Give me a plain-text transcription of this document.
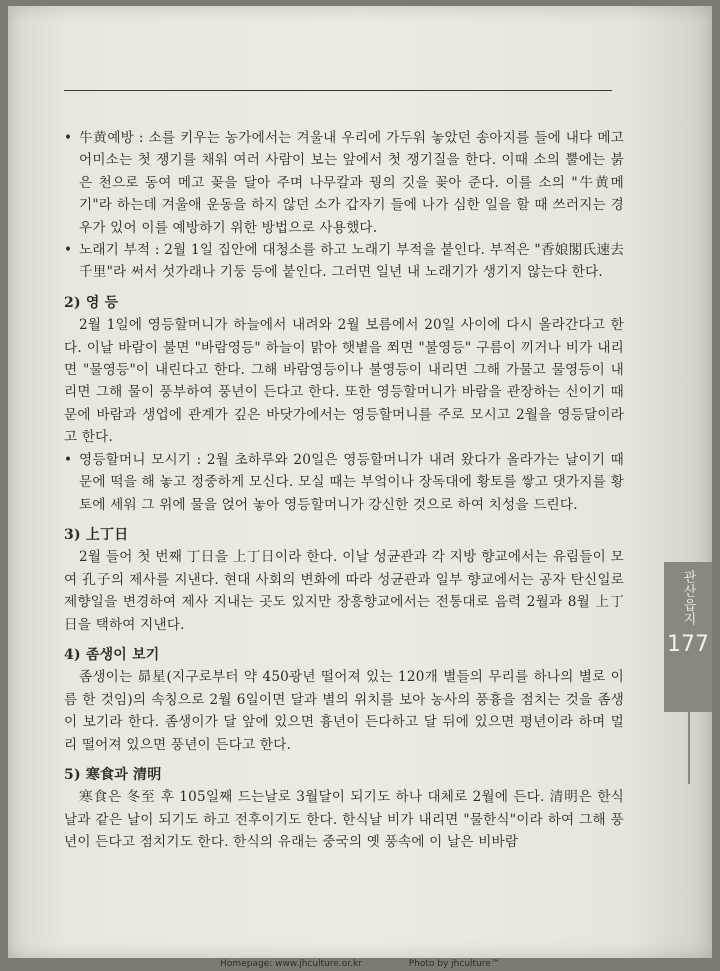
• 牛黄예방 : 소를 키우는 농가에서는 겨울내 우리에 가두워 놓았던 송아지를 들에 내다 메고 어미소는 첫 쟁기를 채워 여러 사람이 보는 앞에서 첫 쟁기질을 한다. 이때 소의 뿔에는 붉은 천으로 동여 메고 꽂을 달아 주며 나무칼과 꿩의 깃을 꽂아 준다. 이를 소의 "牛黄메기"라 하는데 겨울애 운동을 하지 않던 소가 갑자기 들에 나가 심한 일을 할 때 쓰러지는 경우가 있어 이를 예방하기 위한 방법으로 사용했다.

• 노래기 부적 : 2월 1일 집안에 대청소를 하고 노래기 부적을 붙인다. 부적은 "香娘閣氏速去千里"라 써서 섯가래나 기둥 등에 붙인다. 그러면 일년 내 노래기가 생기지 않는다 한다.

2) 영 등

2월 1일에 영등할머니가 하늘에서 내려와 2월 보름에서 20일 사이에 다시 올라간다고 한다. 이날 바람이 불면 "바람영등" 하늘이 맑아 햇볕을 쬐면 "불영등" 구름이 끼거나 비가 내리면 "물영등"이 내린다고 한다. 그해 바람영등이나 불영등이 내리면 그해 가물고 물영등이 내리면 그해 물이 풍부하여 풍년이 든다고 한다. 또한 영등할머니가 바람을 관장하는 신이기 때문에 바람과 생업에 관계가 깊은 바닷가에서는 영등할머니를 주로 모시고 2월을 영등달이라고 한다.

• 영등할머니 모시기 : 2월 초하루와 20일은 영등할머니가 내려 왔다가 올라가는 날이기 때문에 떡을 해 놓고 정중하게 모신다. 모실 때는 부엌이나 장독대에 황토를 쌓고 댓가지를 황토에 세워 그 위에 물을 얹어 놓아 영등할머니가 강신한 것으로 하여 치성을 드린다.

3) 上丁日

2월 들어 첫 번째 丁日을 上丁日이라 한다. 이날 성균관과 각 지방 향교에서는 유림들이 모여 孔子의 제사를 지낸다. 현대 사회의 변화에 따라 성균관과 일부 향교에서는 공자 탄신일로 제향일을 변경하여 제사 지내는 곳도 있지만 장흥향교에서는 전통대로 음력 2월과 8월 上丁日을 택하여 지낸다.

4) 좀생이 보기

좀생이는 昴星(지구로부터 약 450광년 떨어져 있는 120개 별들의 무리를 하나의 별로 이름 한 것임)의 속칭으로 2월 6일이면 달과 별의 위치를 보아 농사의 풍흉을 점치는 것을 좀생이 보기라 한다. 좀생이가 달 앞에 있으면 흉년이 든다하고 달 뒤에 있으면 평년이라 하며 멀리 떨어져 있으면 풍년이 든다고 한다.

5) 寒食과 清明

寒食은 冬至 후 105일째 드는날로 3월달이 되기도 하나 대체로 2월에 든다. 清明은 한식날과 같은 날이 되기도 하고 전후이기도 한다. 한식날 비가 내리면 "물한식"이라 하여 그해 풍년이 든다고 점치기도 한다. 한식의 유래는 중국의 옛 풍속에 이 날은 비바람

관산읍지
177
Homepage: www.jhculture.or.kr	Photo by jhculture™
